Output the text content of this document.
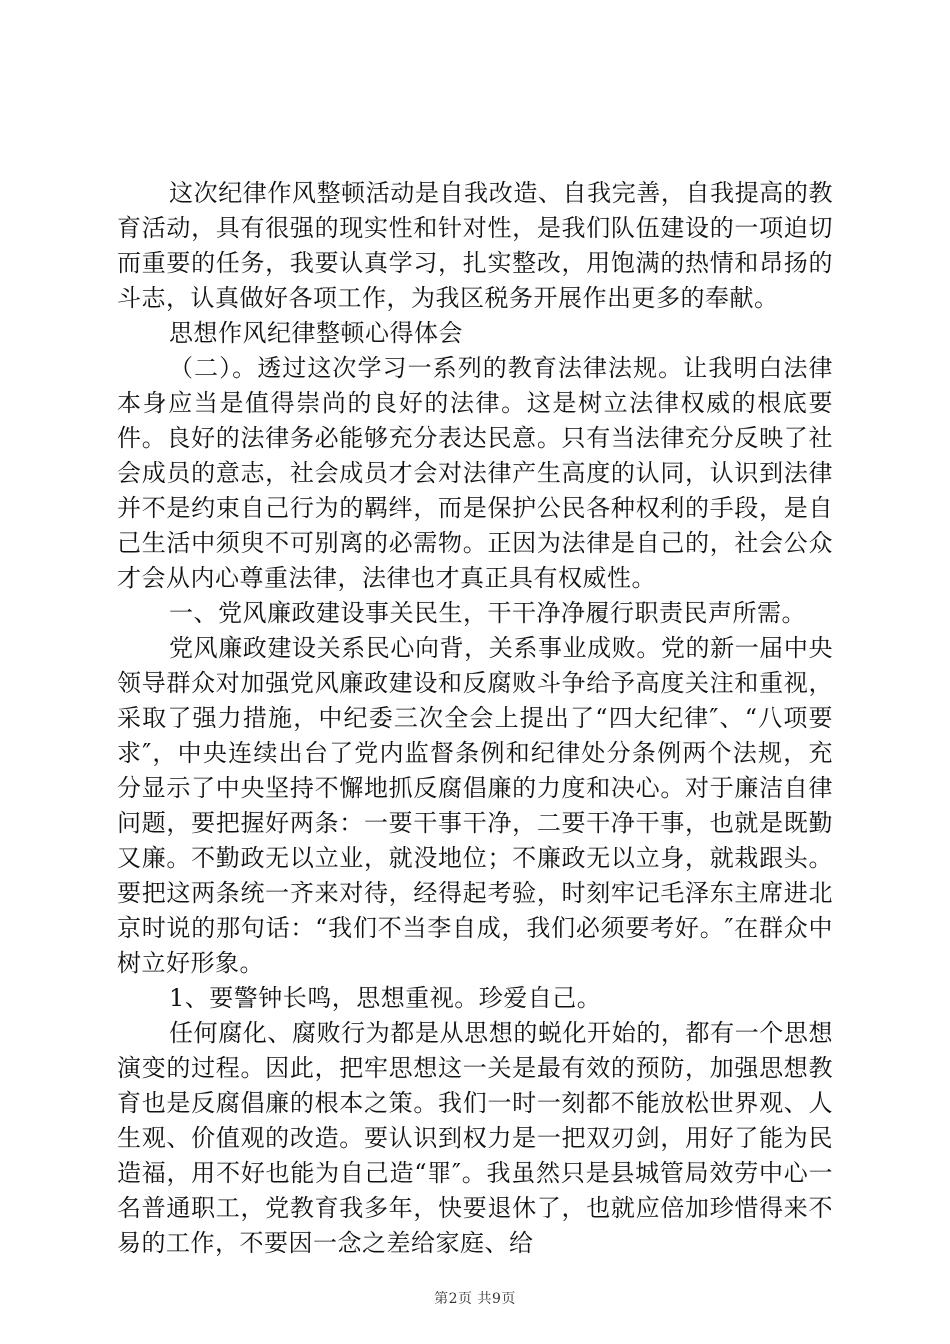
这次纪律作风整顿活动是自我改造、自我完善，自我提高的教育活动，具有很强的现实性和针对性，是我们队伍建设的一项迫切而重要的任务，我要认真学习，扎实整改，用饱满的热情和昂扬的斗志，认真做好各项工作，为我区税务开展作出更多的奉献。

思想作风纪律整顿心得体会

（二）。透过这次学习一系列的教育法律法规。让我明白法律本身应当是值得崇尚的良好的法律。这是树立法律权威的根底要件。良好的法律务必能够充分表达民意。只有当法律充分反映了社会成员的意志，社会成员才会对法律产生高度的认同，认识到法律并不是约束自己行为的羁绊，而是保护公民各种权利的手段，是自己生活中须臾不可别离的必需物。正因为法律是自己的，社会公众才会从内心尊重法律，法律也才真正具有权威性。

一、党风廉政建设事关民生，干干净净履行职责民声所需。

党风廉政建设关系民心向背，关系事业成败。党的新一届中央领导群众对加强党风廉政建设和反腐败斗争给予高度关注和重视，采取了强力措施，中纪委三次全会上提出了“四大纪律″、“八项要求″，中央连续出台了党内监督条例和纪律处分条例两个法规，充分显示了中央坚持不懈地抓反腐倡廉的力度和决心。对于廉洁自律问题，要把握好两条：一要干事干净，二要干净干事，也就是既勤又廉。不勤政无以立业，就没地位；不廉政无以立身，就栽跟头。要把这两条统一齐来对待，经得起考验，时刻牢记毛泽东主席进北京时说的那句话：“我们不当李自成，我们必须要考好。″在群众中树立好形象。

1、要警钟长鸣，思想重视。珍爱自己。

任何腐化、腐败行为都是从思想的蜕化开始的，都有一个思想演变的过程。因此，把牢思想这一关是最有效的预防，加强思想教育也是反腐倡廉的根本之策。我们一时一刻都不能放松世界观、人生观、价值观的改造。要认识到权力是一把双刃剑，用好了能为民造福，用不好也能为自己造“罪″。我虽然只是县城管局效劳中心一名普通职工，党教育我多年，快要退休了，也就应倍加珍惜得来不易的工作，不要因一念之差给家庭、给

第2页 共9页
